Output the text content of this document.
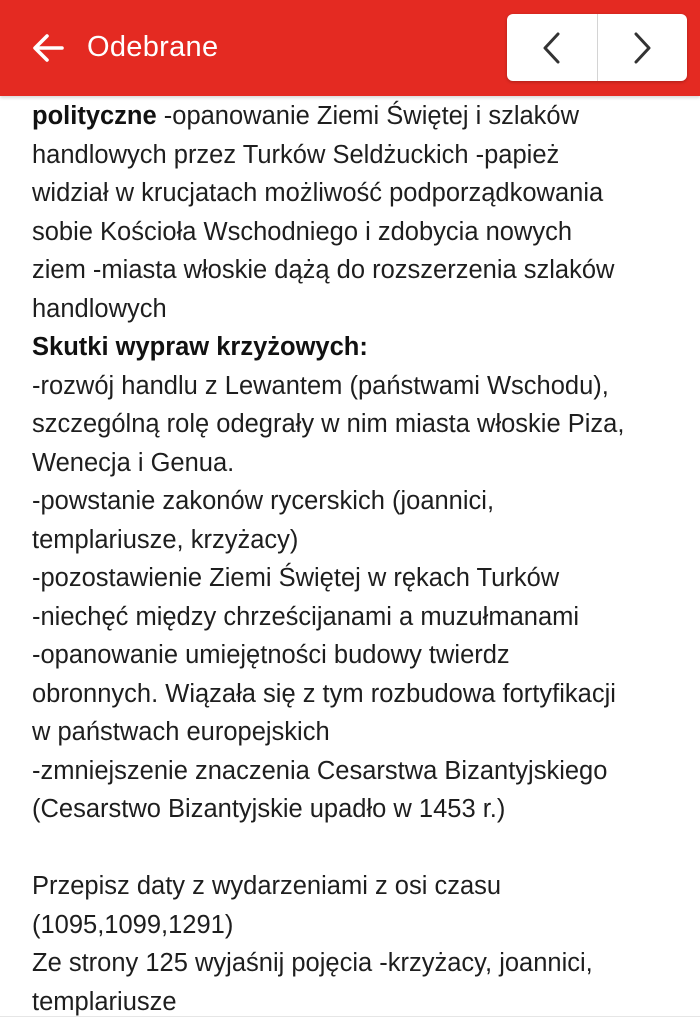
Odebrane

polityczne -opanowanie Ziemi Świętej i szlaków

handlowych przez Turków Seldżuckich -papież

widział w krucjatach możliwość podporządkowania

sobie Kościoła Wschodniego i zdobycia nowych

ziem -miasta włoskie dążą do rozszerzenia szlaków

handlowych

Skutki wypraw krzyżowych:

-rozwój handlu z Lewantem (państwami Wschodu),

szczególną rolę odegrały w nim miasta włoskie Piza,

Wenecja i Genua.

-powstanie zakonów rycerskich (joannici,

templariusze, krzyżacy)

-pozostawienie Ziemi Świętej w rękach Turków

-niechęć między chrześcijanami a muzułmanami

-opanowanie umiejętności budowy twierdz

obronnych. Wiązała się z tym rozbudowa fortyfikacji

w państwach europejskich

-zmniejszenie znaczenia Cesarstwa Bizantyjskiego

(Cesarstwo Bizantyjskie upadło w 1453 r.)

Przepisz daty z wydarzeniami z osi czasu

(1095,1099,1291)

Ze strony 125 wyjaśnij pojęcia -krzyżacy, joannici,

templariusze
